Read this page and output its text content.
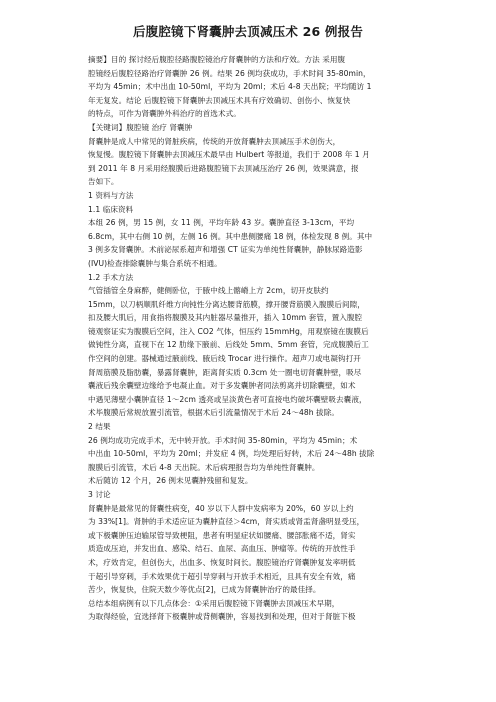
后腹腔镜下肾囊肿去顶减压术 26 例报告
摘要】目的 探讨经后腹腔径路腹腔镜治疗肾囊肿的方法和疗效。方法 采用腹
腔镜经后腹腔径路治疗肾囊肿 26 例。结果 26 例均获成功，手术时间 35-80min，
平均为 45min；术中出血 10-50ml，平均为 20ml；术后 4-8 天出院；平均随访 1
年无复发。结论 后腹腔镜下肾囊肿去顶减压术具有疗效确切、创伤小、恢复快
的特点，可作为肾囊肿外科治疗的首选术式。
【关键词】腹腔镜 治疗 肾囊肿
肾囊肿是成人中常见的肾脏疾病，传统的开放肾囊肿去顶减压手术创伤大，
恢复慢。腹腔镜下肾囊肿去顶减压术最早由 Hulbert 等报道，我们于 2008 年 1 月
到 2011 年 8 月采用经腹膜后进路腹腔镜下去顶减压治疗 26 例，效果满意，报
告如下。
1 资料与方法
1.1 临床资料
本组 26 例，男 15 例，女 11 例，平均年龄 43 岁。囊肿直径 3-13cm，平均
6.8cm，其中右侧 10 例，左侧 16 例。其中患侧腰痛 18 例，体检发现 8 例。其中
3 例多发肾囊肿。术前泌尿系超声和增强 CT 证实为单纯性肾囊肿，静脉尿路造影
(IVU)检查排除囊肿与集合系统不相通。
1.2 手术方法
气管插管全身麻醉，健侧卧位，于腋中线上髂嵴上方 2cm，切开皮肤约
15mm，以刀柄顺肌纤维方向钝性分离达腰背筋膜，撑开腰背筋膜入腹膜后间隙，
扣及腰大肌后，用食指将腹膜及其内脏器尽量推开，插入 10mm 套管，置入腹腔
镜观察证实为腹膜后空间，注入 CO2 气体，恒压约 15mmHg，用观察镜在腹膜后
做钝性分离，直视下在 12 肋缘下腋前、后线处 5mm、5mm 套管，完成腹膜后工
作空间的创建。器械通过腋前线、腋后线 Trocar 进行操作。超声刀或电凝钩打开
肾周筋膜及脂肪囊，暴露肾囊肿，距离肾实质 0.3cm 处一圈电切肾囊肿壁，吸尽
囊液后残余囊壁边缘给予电凝止血。对于多发囊肿者同法剪离并切除囊壁，如术
中遇见薄壁小囊肿直径 1～2cm 透亮或呈淡黄色者可直接电灼破坏囊壁吸去囊液，
术毕腹膜后常规放置引流管，根据术后引流量情况于术后 24～48h 拔除。
2 结果
26 例均成功完成手术，无中转开放。手术时间 35-80min，平均为 45min；术
中出血 10-50ml，平均为 20ml；并发症 4 例，均处理后好转，术后 24～48h 拔除
腹膜后引流管，术后 4-8 天出院。术后病理报告均为单纯性肾囊肿。
术后随访 12 个月，26 例未见囊肿残留和复发。
3 讨论
肾囊肿是最常见的肾囊性病变，40 岁以下人群中发病率为 20%，60 岁以上约
为 33%[1]。肾肿的手术适应证为囊肿直径＞4cm，肾实质或肾盂肾盏明显受压，
或下极囊肿压迫输尿管导致梗阻，患者有明显症状如腰痛、腰部胀痛不适，肾实
质造成压迫，并发出血、感染、结石、血尿、高血压、肿瘤等。传统的开放性手
术，疗效肯定，但创伤大，出血多、恢复时间长。腹腔镜治疗肾囊肿复发率明低
于超引导穿刺，手术效果优于超引导穿刺与开放手术相近，且具有安全有效，痛
苦少，恢复快，住院天数少等优点[2]，已成为肾囊肿治疗的最佳择。
总结本组病例有以下几点体会：①采用后腹腔镜下肾囊肿去顶减压术早期，
为取得经验，宜选择肾下极囊肿或背侧囊肿，容易找到和处理，但对于肾脏下极
